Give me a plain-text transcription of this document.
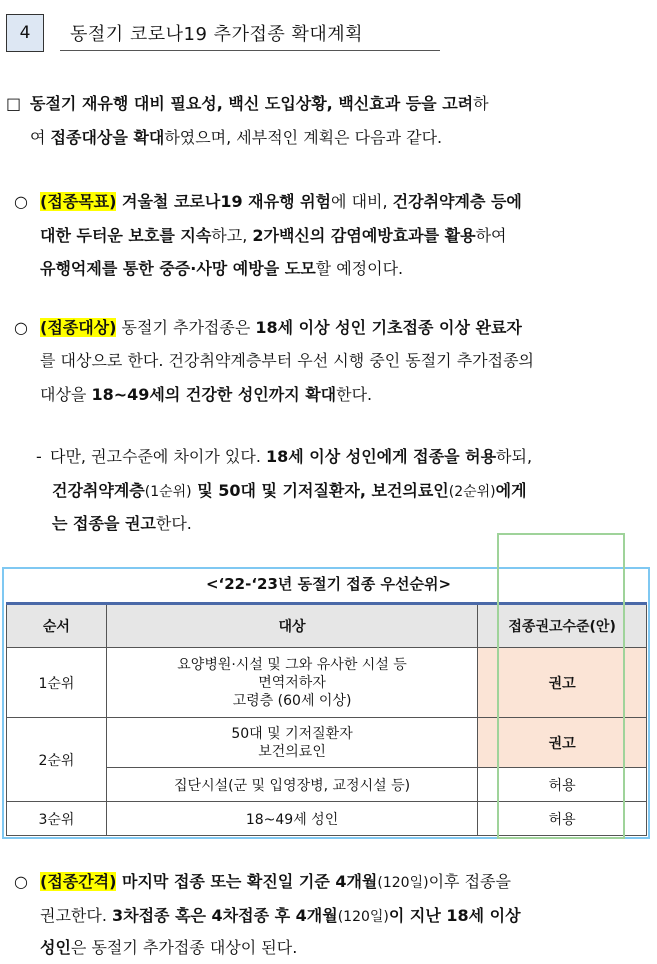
4	동절기 코로나19 추가접종 확대계획
□ 동절기 재유행 대비 필요성, 백신 도입상황, 백신효과 등을 고려하
여 접종대상을 확대하였으며, 세부적인 계획은 다음과 같다.
○ (접종목표) 겨울철 코로나19 재유행 위험에 대비, 건강취약계층 등에
대한 두터운 보호를 지속하고, 2가백신의 감염예방효과를 활용하여
유행억제를 통한 중증·사망 예방을 도모할 예정이다.
○ (접종대상) 동절기 추가접종은 18세 이상 성인 기초접종 이상 완료자
를 대상으로 한다. 건강취약계층부터 우선 시행 중인 동절기 추가접종의
대상을 18~49세의 건강한 성인까지 확대한다.
- 다만, 권고수준에 차이가 있다. 18세 이상 성인에게 접종을 허용하되,
건강취약계층(1순위) 및 50대 및 기저질환자, 보건의료인(2순위)에게
는 접종을 권고한다.
<‘22-‘23년 동절기 접종 우선순위>
순서	대상	접종권고수준(안)
1순위	요양병원·시설 및 그와 유사한 시설 등
면역저하자
고령층 (60세 이상)	권고
2순위	50대 및 기저질환자
보건의료인	권고
	집단시설(군 및 입영장병, 교정시설 등)	허용
3순위	18~49세 성인	허용
○ (접종간격) 마지막 접종 또는 확진일 기준 4개월(120일)이후 접종을
권고한다. 3차접종 혹은 4차접종 후 4개월(120일)이 지난 18세 이상
성인은 동절기 추가접종 대상이 된다.
